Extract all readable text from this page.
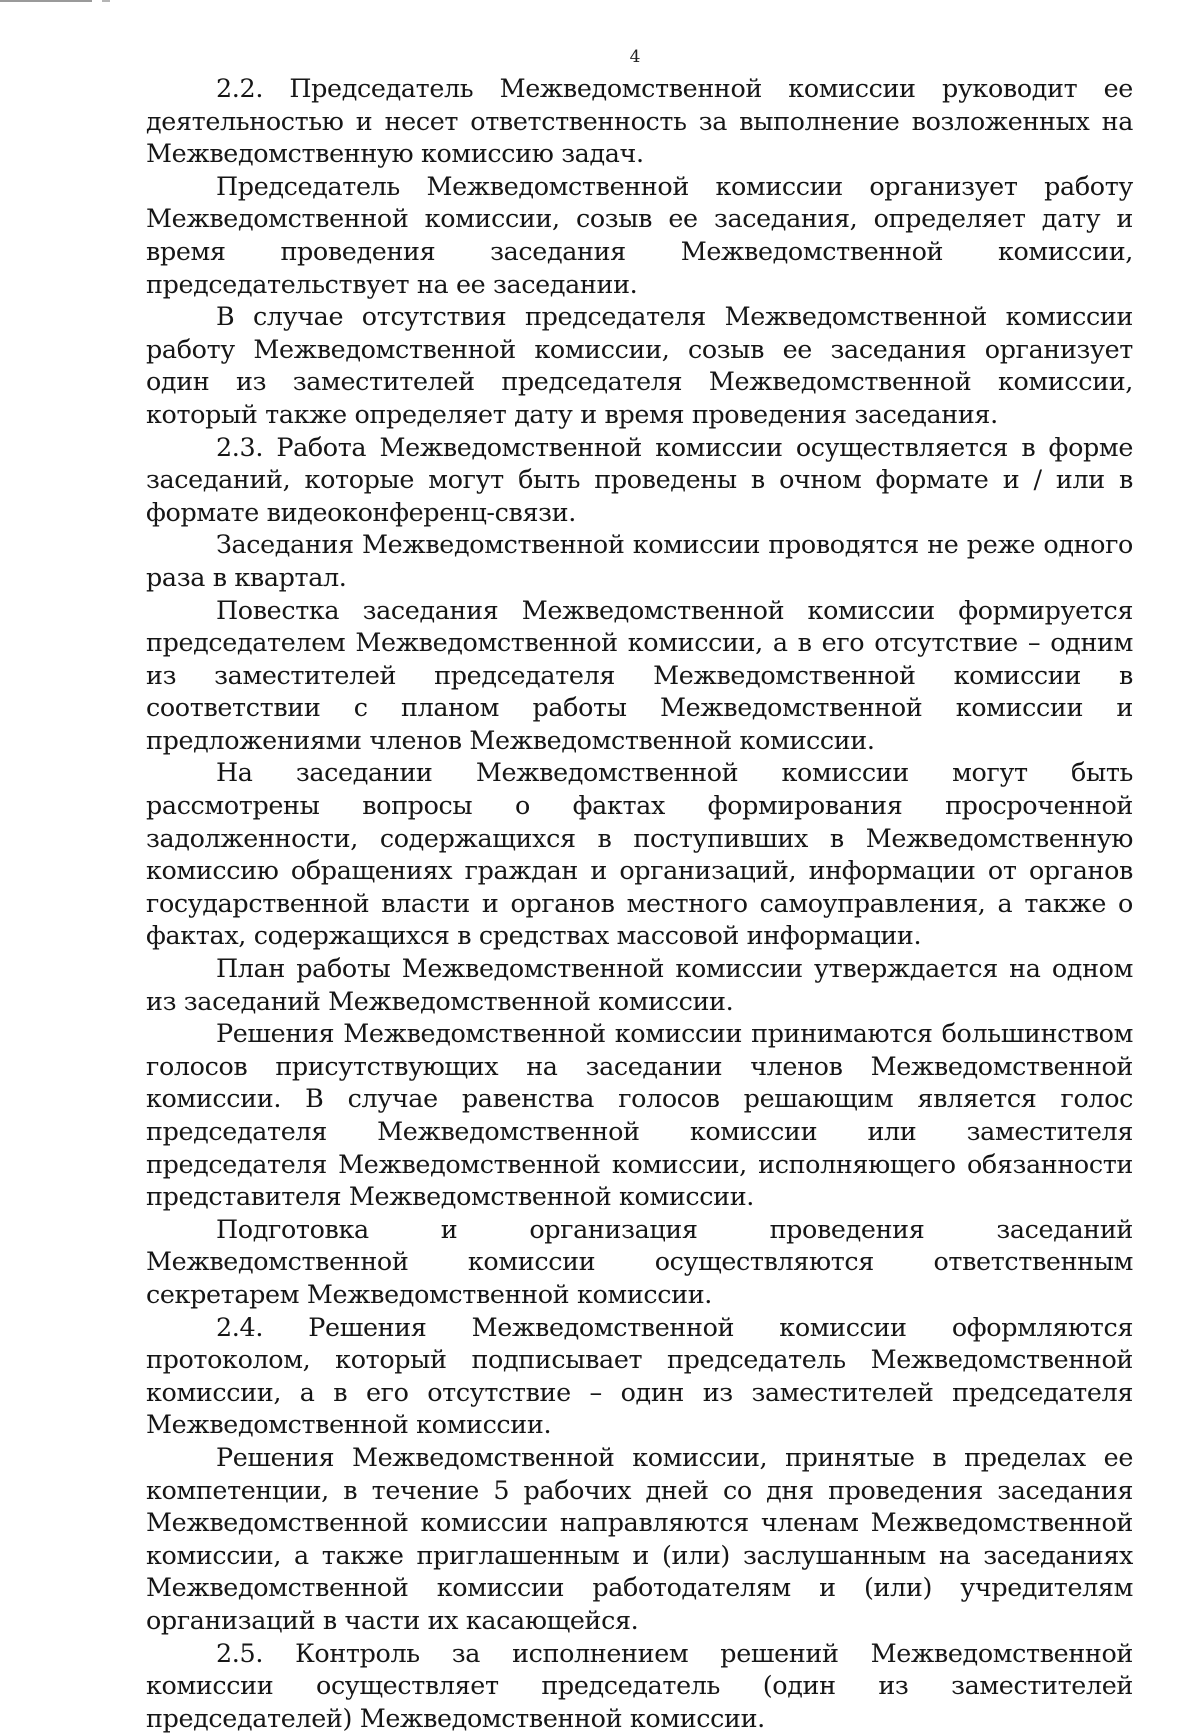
4

2.2. Председатель Межведомственной комиссии руководит ее деятельностью и несет ответственность за выполнение возложенных на Межведомственную комиссию задач.

Председатель Межведомственной комиссии организует работу Межведомственной комиссии, созыв ее заседания, определяет дату и время проведения заседания Межведомственной комиссии, председательствует на ее заседании.

В случае отсутствия председателя Межведомственной комиссии работу Межведомственной комиссии, созыв ее заседания организует один из заместителей председателя Межведомственной комиссии, который также определяет дату и время проведения заседания.

2.3. Работа Межведомственной комиссии осуществляется в форме заседаний, которые могут быть проведены в очном формате и / или в формате видеоконференц-связи.

Заседания Межведомственной комиссии проводятся не реже одного раза в квартал.

Повестка заседания Межведомственной комиссии формируется председателем Межведомственной комиссии, а в его отсутствие – одним из заместителей председателя Межведомственной комиссии в соответствии с планом работы Межведомственной комиссии и предложениями членов Межведомственной комиссии.

На заседании Межведомственной комиссии могут быть рассмотрены вопросы о фактах формирования просроченной задолженности, содержащихся в поступивших в Межведомственную комиссию обращениях граждан и организаций, информации от органов государственной власти и органов местного самоуправления, а также о фактах, содержащихся в средствах массовой информации.

План работы Межведомственной комиссии утверждается на одном из заседаний Межведомственной комиссии.

Решения Межведомственной комиссии принимаются большинством голосов присутствующих на заседании членов Межведомственной комиссии. В случае равенства голосов решающим является голос председателя Межведомственной комиссии или заместителя председателя Межведомственной комиссии, исполняющего обязанности представителя Межведомственной комиссии.

Подготовка и организация проведения заседаний Межведомственной комиссии осуществляются ответственным секретарем Межведомственной комиссии.

2.4. Решения Межведомственной комиссии оформляются протоколом, который подписывает председатель Межведомственной комиссии, а в его отсутствие – один из заместителей председателя Межведомственной комиссии.

Решения Межведомственной комиссии, принятые в пределах ее компетенции, в течение 5 рабочих дней со дня проведения заседания Межведомственной комиссии направляются членам Межведомственной комиссии, а также приглашенным и (или) заслушанным на заседаниях Межведомственной комиссии работодателям и (или) учредителям организаций в части их касающейся.

2.5. Контроль за исполнением решений Межведомственной комиссии осуществляет председатель (один из заместителей председателей) Межведомственной комиссии.
